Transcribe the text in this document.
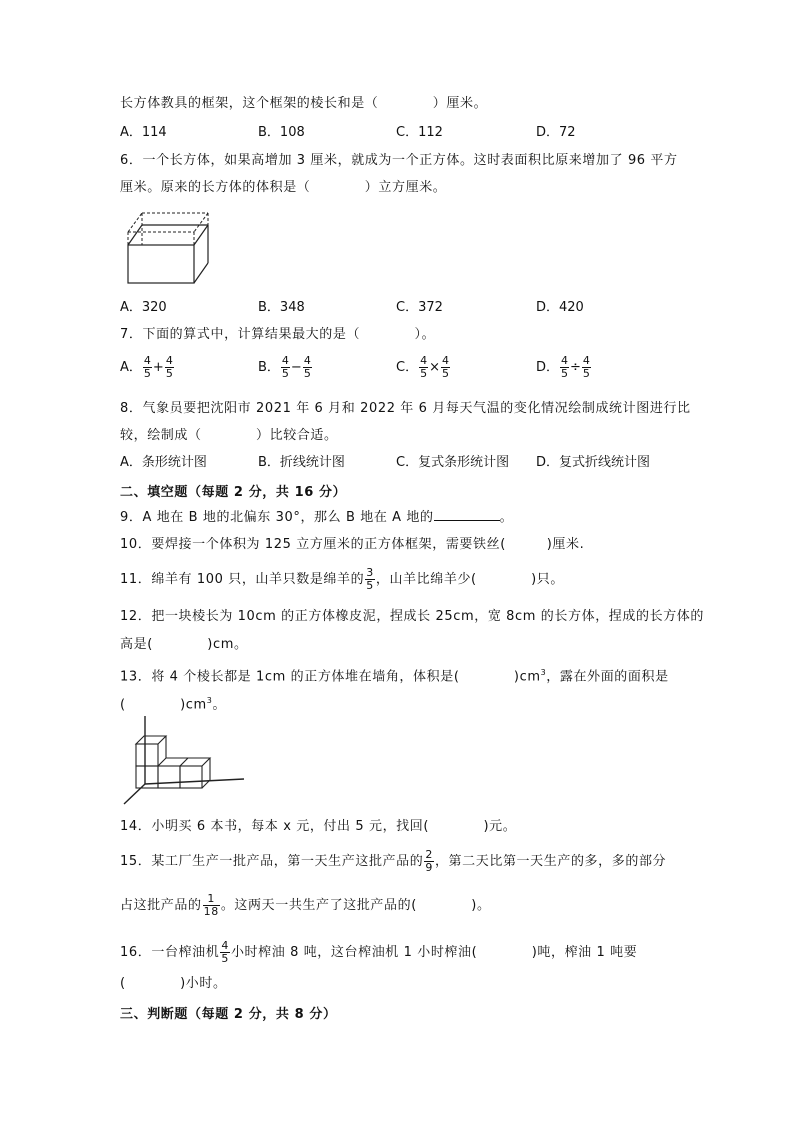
长方体教具的框架，这个框架的棱长和是（　　　　）厘米。
A．114	B．108	C．112	D．72
6．一个长方体，如果高增加 3 厘米，就成为一个正方体。这时表面积比原来增加了 96 平方
厘米。原来的长方体的体积是（　　　　）立方厘米。
A．320	B．348	C．372	D．420
7．下面的算式中，计算结果最大的是（　　　　）。
A． $\frac{4}{5} + \frac{4}{5}$	B． $\frac{4}{5} - \frac{4}{5}$	C． $\frac{4}{5} \times \frac{4}{5}$	D． $\frac{4}{5} \div \frac{4}{5}$
8．气象员要把沈阳市 2021 年 6 月和 2022 年 6 月每天气温的变化情况绘制成统计图进行比
较，绘制成（　　　　）比较合适。
A．条形统计图	B．折线统计图	C．复式条形统计图 D．复式折线统计图
二、填空题（每题 2 分，共 16 分）
9．A 地在 B 地的北偏东 30°，那么 B 地在 A 地的	。
10．要焊接一个体积为 125 立方厘米的正方体框架，需要铁丝(　　　)厘米.
11．绵羊有 100 只，山羊只数是绵羊的 $\frac{3}{5}$ ，山羊比绵羊少(　　　　)只。
12．把一块棱长为 10cm 的正方体橡皮泥，捏成长 25cm，宽 8cm 的长方体，捏成的长方体的
高是(　　　　)cm。
13．将 4 个棱长都是 1cm 的正方体堆在墙角，体积是(　　　　)$cm^3$，露在外面的面积是
(　　　　)$cm^3$。
14．小明买 6 本书，每本 x 元，付出 5 元，找回(　　　　)元。
15．某工厂生产一批产品，第一天生产这批产品的 $\frac{2}{9}$ ，第二天比第一天生产的多，多的部分
占这批产品的 $\frac{1}{18}$ 。这两天一共生产了这批产品的(　　　　)。
16．一台榨油机 $\frac{4}{5}$ 小时榨油 8 吨，这台榨油机 1 小时榨油(　　　　)吨，榨油 1 吨要
(　　　　)小时。
三、判断题（每题 2 分，共 8 分）
